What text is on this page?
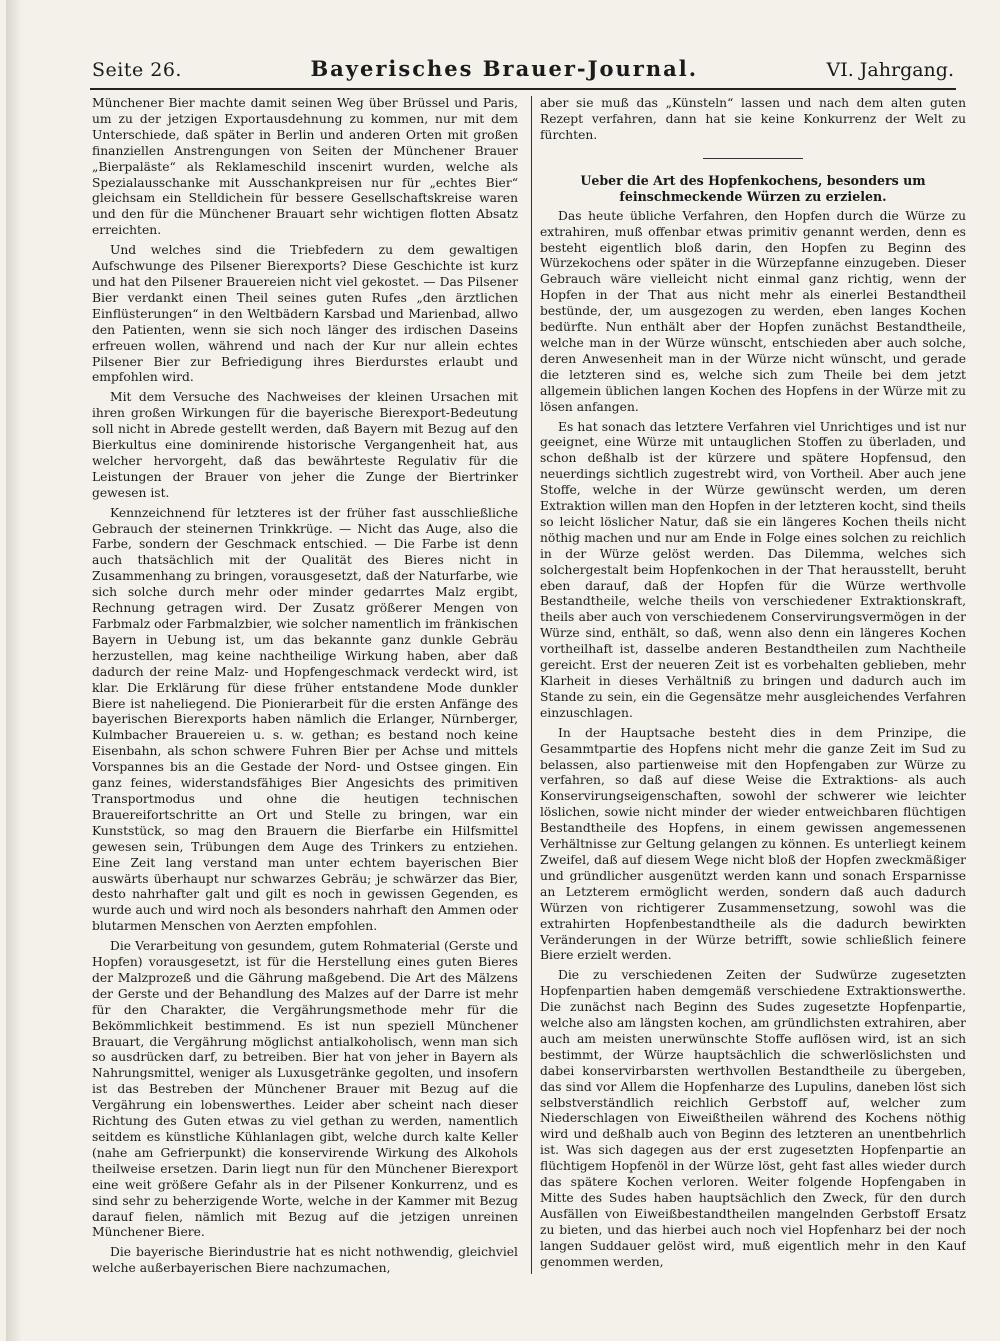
Seite 26.	Bayerisches Brauer-Journal.	VI. Jahrgang.

Münchener Bier machte damit seinen Weg über Brüssel und Paris, um zu der jetzigen Exportausdehnung zu kommen, nur mit dem Unterschiede, daß später in Berlin und anderen Orten mit großen finanziellen Anstrengungen von Seiten der Münchener Brauer „Bierpaläste“ als Reklameschild inscenirt wurden, welche als Spezialausschanke mit Ausschankpreisen nur für „echtes Bier“ gleichsam ein Stelldichein für bessere Gesellschaftskreise waren und den für die Münchener Brauart sehr wichtigen flotten Absatz erreichten.

Und welches sind die Triebfedern zu dem gewaltigen Aufschwunge des Pilsener Bierexports? Diese Geschichte ist kurz und hat den Pilsener Brauereien nicht viel gekostet. — Das Pilsener Bier verdankt einen Theil seines guten Rufes „den ärztlichen Einflüsterungen“ in den Weltbädern Karsbad und Marienbad, allwo den Patienten, wenn sie sich noch länger des irdischen Daseins erfreuen wollen, während und nach der Kur nur allein echtes Pilsener Bier zur Befriedigung ihres Bierdurstes erlaubt und empfohlen wird.

Mit dem Versuche des Nachweises der kleinen Ursachen mit ihren großen Wirkungen für die bayerische Bierexport-Bedeutung soll nicht in Abrede gestellt werden, daß Bayern mit Bezug auf den Bierkultus eine dominirende historische Vergangenheit hat, aus welcher hervorgeht, daß das bewährteste Regulativ für die Leistungen der Brauer von jeher die Zunge der Biertrinker gewesen ist.

Kennzeichnend für letzteres ist der früher fast ausschließliche Gebrauch der steinernen Trinkkrüge. — Nicht das Auge, also die Farbe, sondern der Geschmack entschied. — Die Farbe ist denn auch thatsächlich mit der Qualität des Bieres nicht in Zusammenhang zu bringen, vorausgesetzt, daß der Naturfarbe, wie sich solche durch mehr oder minder gedarrtes Malz ergibt, Rechnung getragen wird. Der Zusatz größerer Mengen von Farbmalz oder Farbmalzbier, wie solcher namentlich im fränkischen Bayern in Uebung ist, um das bekannte ganz dunkle Gebräu herzustellen, mag keine nachtheilige Wirkung haben, aber daß dadurch der reine Malz- und Hopfengeschmack verdeckt wird, ist klar. Die Erklärung für diese früher entstandene Mode dunkler Biere ist naheliegend. Die Pionierarbeit für die ersten Anfänge des bayerischen Bierexports haben nämlich die Erlanger, Nürnberger, Kulmbacher Brauereien u. s. w. gethan; es bestand noch keine Eisenbahn, als schon schwere Fuhren Bier per Achse und mittels Vorspannes bis an die Gestade der Nord- und Ostsee gingen. Ein ganz feines, widerstandsfähiges Bier Angesichts des primitiven Transportmodus und ohne die heutigen technischen Brauereifortschritte an Ort und Stelle zu bringen, war ein Kunststück, so mag den Brauern die Bierfarbe ein Hilfsmittel gewesen sein, Trübungen dem Auge des Trinkers zu entziehen. Eine Zeit lang verstand man unter echtem bayerischen Bier auswärts überhaupt nur schwarzes Gebräu; je schwärzer das Bier, desto nahrhafter galt und gilt es noch in gewissen Gegenden, es wurde auch und wird noch als besonders nahrhaft den Ammen oder blutarmen Menschen von Aerzten empfohlen.

Die Verarbeitung von gesundem, gutem Rohmaterial (Gerste und Hopfen) vorausgesetzt, ist für die Herstellung eines guten Bieres der Malzprozeß und die Gährung maßgebend. Die Art des Mälzens der Gerste und der Behandlung des Malzes auf der Darre ist mehr für den Charakter, die Vergährungsmethode mehr für die Bekömmlichkeit bestimmend. Es ist nun speziell Münchener Brauart, die Vergährung möglichst antialkoholisch, wenn man sich so ausdrücken darf, zu betreiben. Bier hat von jeher in Bayern als Nahrungsmittel, weniger als Luxusgetränke gegolten, und insofern ist das Bestreben der Münchener Brauer mit Bezug auf die Vergährung ein lobenswerthes. Leider aber scheint nach dieser Richtung des Guten etwas zu viel gethan zu werden, namentlich seitdem es künstliche Kühlanlagen gibt, welche durch kalte Keller (nahe am Gefrierpunkt) die konservirende Wirkung des Alkohols theilweise ersetzen. Darin liegt nun für den Münchener Bierexport eine weit größere Gefahr als in der Pilsener Konkurrenz, und es sind sehr zu beherzigende Worte, welche in der Kammer mit Bezug darauf fielen, nämlich mit Bezug auf die jetzigen unreinen Münchener Biere.

Die bayerische Bierindustrie hat es nicht nothwendig, gleichviel welche außerbayerischen Biere nachzumachen,

aber sie muß das „Künsteln“ lassen und nach dem alten guten Rezept verfahren, dann hat sie keine Konkurrenz der Welt zu fürchten.

Ueber die Art des Hopfenkochens, besonders um feinschmeckende Würzen zu erzielen.

Das heute übliche Verfahren, den Hopfen durch die Würze zu extrahiren, muß offenbar etwas primitiv genannt werden, denn es besteht eigentlich bloß darin, den Hopfen zu Beginn des Würzekochens oder später in die Würzepfanne einzugeben. Dieser Gebrauch wäre vielleicht nicht einmal ganz richtig, wenn der Hopfen in der That aus nicht mehr als einerlei Bestandtheil bestünde, der, um ausgezogen zu werden, eben langes Kochen bedürfte. Nun enthält aber der Hopfen zunächst Bestandtheile, welche man in der Würze wünscht, entschieden aber auch solche, deren Anwesenheit man in der Würze nicht wünscht, und gerade die letzteren sind es, welche sich zum Theile bei dem jetzt allgemein üblichen langen Kochen des Hopfens in der Würze mit zu lösen anfangen.

Es hat sonach das letztere Verfahren viel Unrichtiges und ist nur geeignet, eine Würze mit untauglichen Stoffen zu überladen, und schon deßhalb ist der kürzere und spätere Hopfensud, den neuerdings sichtlich zugestrebt wird, von Vortheil. Aber auch jene Stoffe, welche in der Würze gewünscht werden, um deren Extraktion willen man den Hopfen in der letzteren kocht, sind theils so leicht löslicher Natur, daß sie ein längeres Kochen theils nicht nöthig machen und nur am Ende in Folge eines solchen zu reichlich in der Würze gelöst werden. Das Dilemma, welches sich solchergestalt beim Hopfenkochen in der That herausstellt, beruht eben darauf, daß der Hopfen für die Würze werthvolle Bestandtheile, welche theils von verschiedener Extraktionskraft, theils aber auch von verschiedenem Conservirungsvermögen in der Würze sind, enthält, so daß, wenn also denn ein längeres Kochen vortheilhaft ist, dasselbe anderen Bestandtheilen zum Nachtheile gereicht. Erst der neueren Zeit ist es vorbehalten geblieben, mehr Klarheit in dieses Verhältniß zu bringen und dadurch auch im Stande zu sein, ein die Gegensätze mehr ausgleichendes Verfahren einzuschlagen.

In der Hauptsache besteht dies in dem Prinzipe, die Gesammtpartie des Hopfens nicht mehr die ganze Zeit im Sud zu belassen, also partienweise mit den Hopfengaben zur Würze zu verfahren, so daß auf diese Weise die Extraktions- als auch Konservirungseigenschaften, sowohl der schwerer wie leichter löslichen, sowie nicht minder der wieder entweichbaren flüchtigen Bestandtheile des Hopfens, in einem gewissen angemessenen Verhältnisse zur Geltung gelangen zu können. Es unterliegt keinem Zweifel, daß auf diesem Wege nicht bloß der Hopfen zweckmäßiger und gründlicher ausgenützt werden kann und sonach Ersparnisse an Letzterem ermöglicht werden, sondern daß auch dadurch Würzen von richtigerer Zusammensetzung, sowohl was die extrahirten Hopfenbestandtheile als die dadurch bewirkten Veränderungen in der Würze betrifft, sowie schließlich feinere Biere erzielt werden.

Die zu verschiedenen Zeiten der Sudwürze zugesetzten Hopfenpartien haben demgemäß verschiedene Extraktionswerthe. Die zunächst nach Beginn des Sudes zugesetzte Hopfenpartie, welche also am längsten kochen, am gründlichsten extrahiren, aber auch am meisten unerwünschte Stoffe auflösen wird, ist an sich bestimmt, der Würze hauptsächlich die schwerlöslichsten und dabei konservirbarsten werthvollen Bestandtheile zu übergeben, das sind vor Allem die Hopfenharze des Lupulins, daneben löst sich selbstverständlich reichlich Gerbstoff auf, welcher zum Niederschlagen von Eiweißtheilen während des Kochens nöthig wird und deßhalb auch von Beginn des letzteren an unentbehrlich ist. Was sich dagegen aus der erst zugesetzten Hopfenpartie an flüchtigem Hopfenöl in der Würze löst, geht fast alles wieder durch das spätere Kochen verloren. Weiter folgende Hopfengaben in Mitte des Sudes haben hauptsächlich den Zweck, für den durch Ausfällen von Eiweißbestandtheilen mangelnden Gerbstoff Ersatz zu bieten, und das hierbei auch noch viel Hopfenharz bei der noch langen Suddauer gelöst wird, muß eigentlich mehr in den Kauf genommen werden,
